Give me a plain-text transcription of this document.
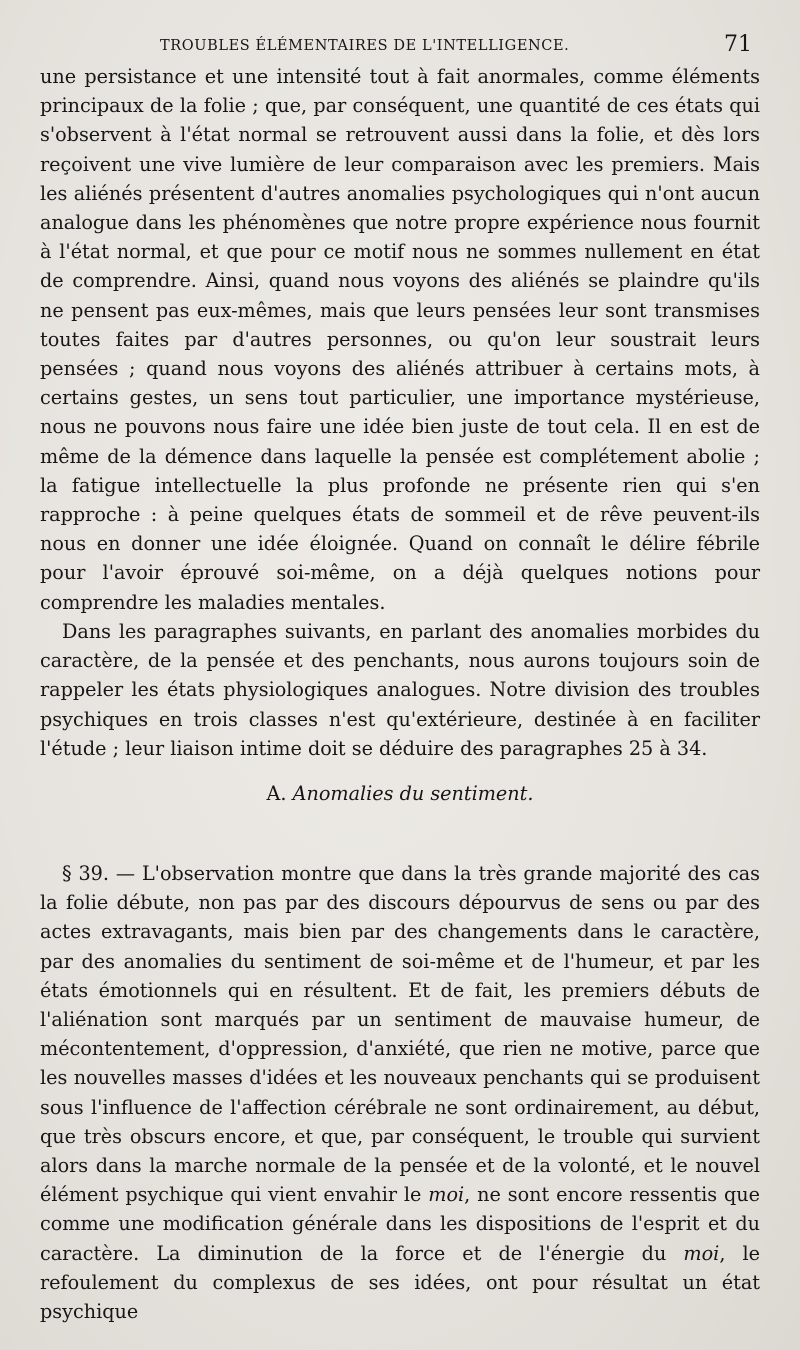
TROUBLES ÉLÉMENTAIRES DE L'INTELLIGENCE.	71

une persistance et une intensité tout à fait anormales, comme éléments principaux de la folie ; que, par conséquent, une quantité de ces états qui s'observent à l'état normal se retrouvent aussi dans la folie, et dès lors reçoivent une vive lumière de leur comparaison avec les premiers. Mais les aliénés présentent d'autres anomalies psychologiques qui n'ont aucun analogue dans les phénomènes que notre propre expérience nous fournit à l'état normal, et que pour ce motif nous ne sommes nullement en état de comprendre. Ainsi, quand nous voyons des aliénés se plaindre qu'ils ne pensent pas eux-mêmes, mais que leurs pensées leur sont transmises toutes faites par d'autres personnes, ou qu'on leur soustrait leurs pensées ; quand nous voyons des aliénés attribuer à certains mots, à certains gestes, un sens tout particulier, une importance mystérieuse, nous ne pouvons nous faire une idée bien juste de tout cela. Il en est de même de la démence dans laquelle la pensée est complétement abolie ; la fatigue intellectuelle la plus profonde ne présente rien qui s'en rapproche : à peine quelques états de sommeil et de rêve peuvent-ils nous en donner une idée éloignée. Quand on connaît le délire fébrile pour l'avoir éprouvé soi-même, on a déjà quelques notions pour comprendre les maladies mentales.

Dans les paragraphes suivants, en parlant des anomalies morbides du caractère, de la pensée et des penchants, nous aurons toujours soin de rappeler les états physiologiques analogues. Notre division des troubles psychiques en trois classes n'est qu'extérieure, destinée à en faciliter l'étude ; leur liaison intime doit se déduire des paragraphes 25 à 34.

A. Anomalies du sentiment.

§ 39. — L'observation montre que dans la très grande majorité des cas la folie débute, non pas par des discours dépourvus de sens ou par des actes extravagants, mais bien par des changements dans le caractère, par des anomalies du sentiment de soi-même et de l'humeur, et par les états émotionnels qui en résultent. Et de fait, les premiers débuts de l'aliénation sont marqués par un sentiment de mauvaise humeur, de mécontentement, d'oppression, d'anxiété, que rien ne motive, parce que les nouvelles masses d'idées et les nouveaux penchants qui se produisent sous l'influence de l'affection cérébrale ne sont ordinairement, au début, que très obscurs encore, et que, par conséquent, le trouble qui survient alors dans la marche normale de la pensée et de la volonté, et le nouvel élément psychique qui vient envahir le moi, ne sont encore ressentis que comme une modification générale dans les dispositions de l'esprit et du caractère. La diminution de la force et de l'énergie du moi, le refoulement du complexus de ses idées, ont pour résultat un état psychique
